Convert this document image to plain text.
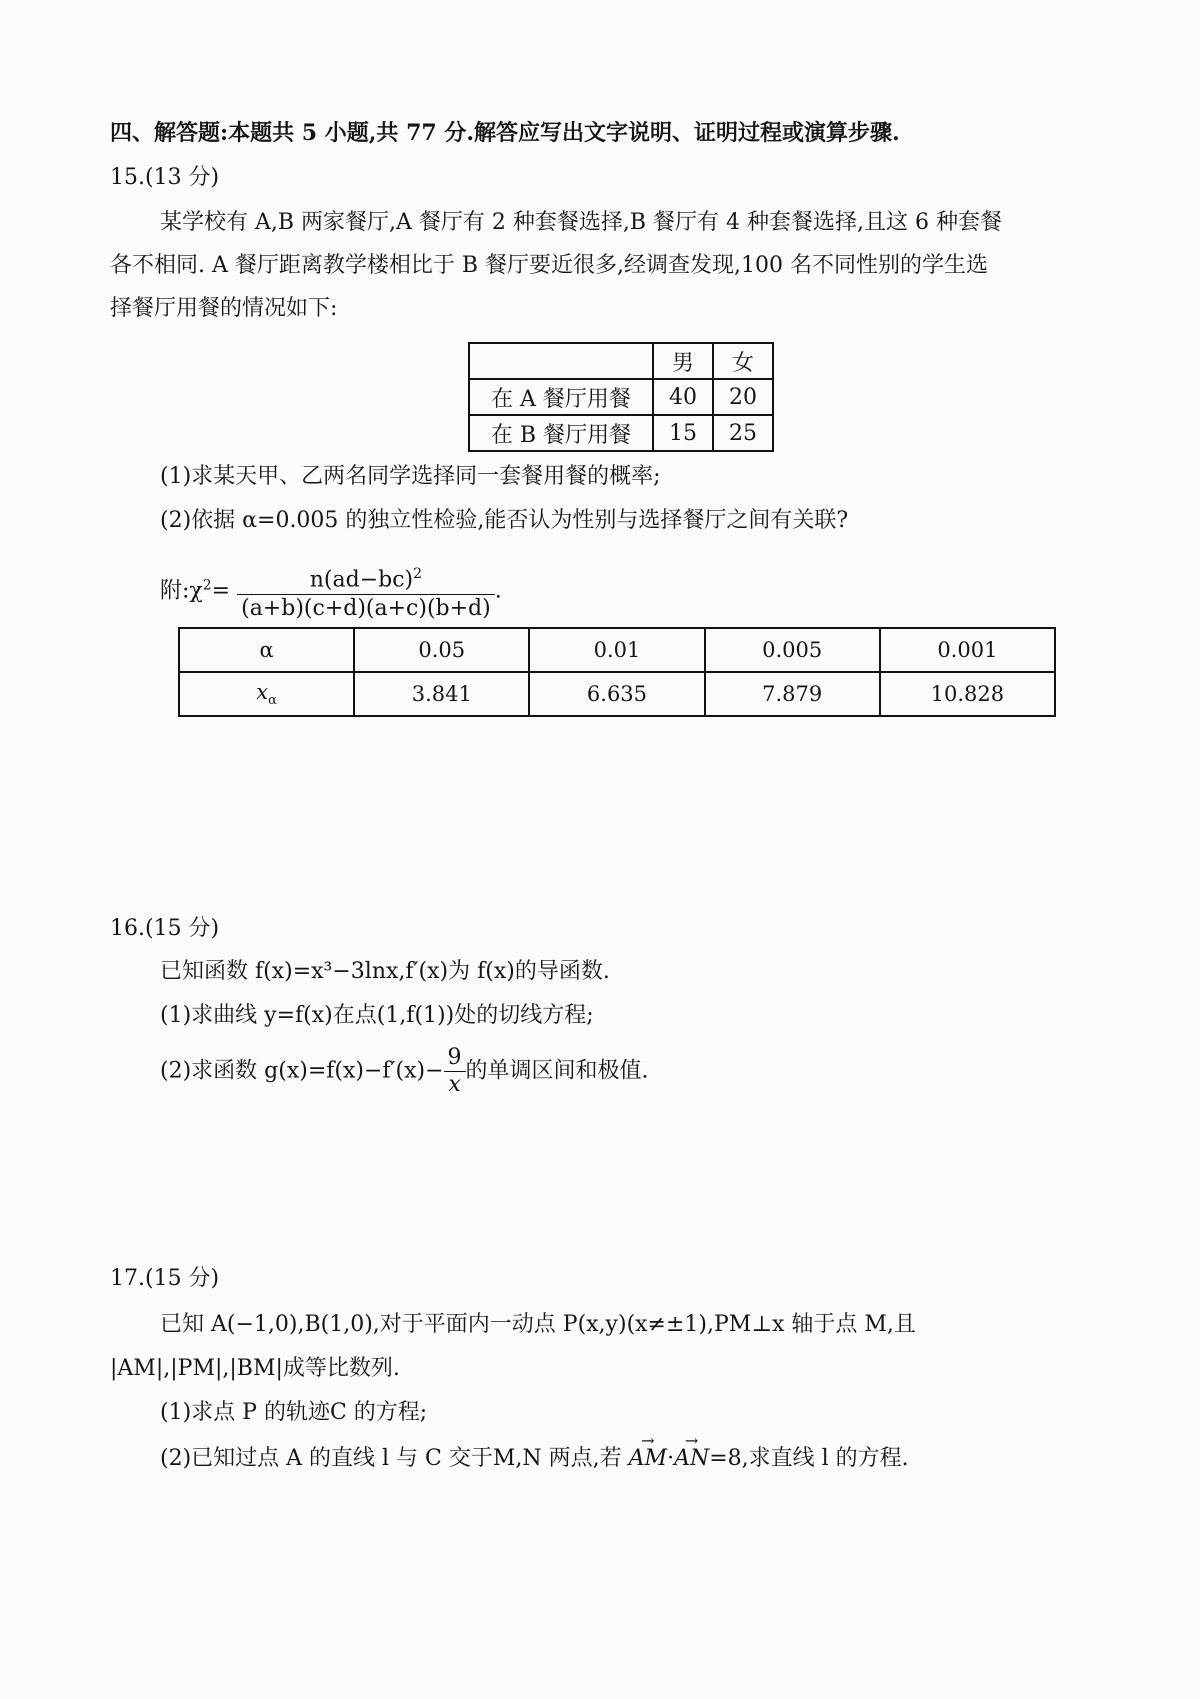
四、解答题:本题共 5 小题,共 77 分.解答应写出文字说明、证明过程或演算步骤.
15.(13 分)
某学校有 A,B 两家餐厅,A 餐厅有 2 种套餐选择,B 餐厅有 4 种套餐选择,且这 6 种套餐
各不相同. A 餐厅距离教学楼相比于 B 餐厅要近很多,经调查发现,100 名不同性别的学生选
择餐厅用餐的情况如下:
	男	女
在 A 餐厅用餐	40	20
在 B 餐厅用餐	15	25
(1)求某天甲、乙两名同学选择同一套餐用餐的概率;
(2)依据 α=0.005 的独立性检验,能否认为性别与选择餐厅之间有关联?
附$:\chi^2= \frac{n(ad-bc)^2}{(a+b)(c+d)(a+c)(b+d)}$ .
α	0.05	0.01	0.005	0.001
$x_\alpha$	3.841	6.635	7.879	10.828
16.(15 分)
已知函数 f(x)=x³−3lnx,f′(x)为 f(x)的导函数.
(1)求曲线 y=f(x)在点(1,f(1))处的切线方程;
(2)求函数 $g(x)=f(x)-f'(x)- \frac{9}{x}$ 的单调区间和极值.
17.(15 分)
已知 A(−1,0),B(1,0),对于平面内一动点 P(x,y)(x≠±1),PM⊥x 轴于点 M,且
|AM|,|PM|,|BM|成等比数列.
(1)求点 P 的轨迹C 的方程;
(2)已知过点 A 的直线 l 与 C 交于M,N 两点,若 → AM·→ AN=8,求直线 l 的方程.
